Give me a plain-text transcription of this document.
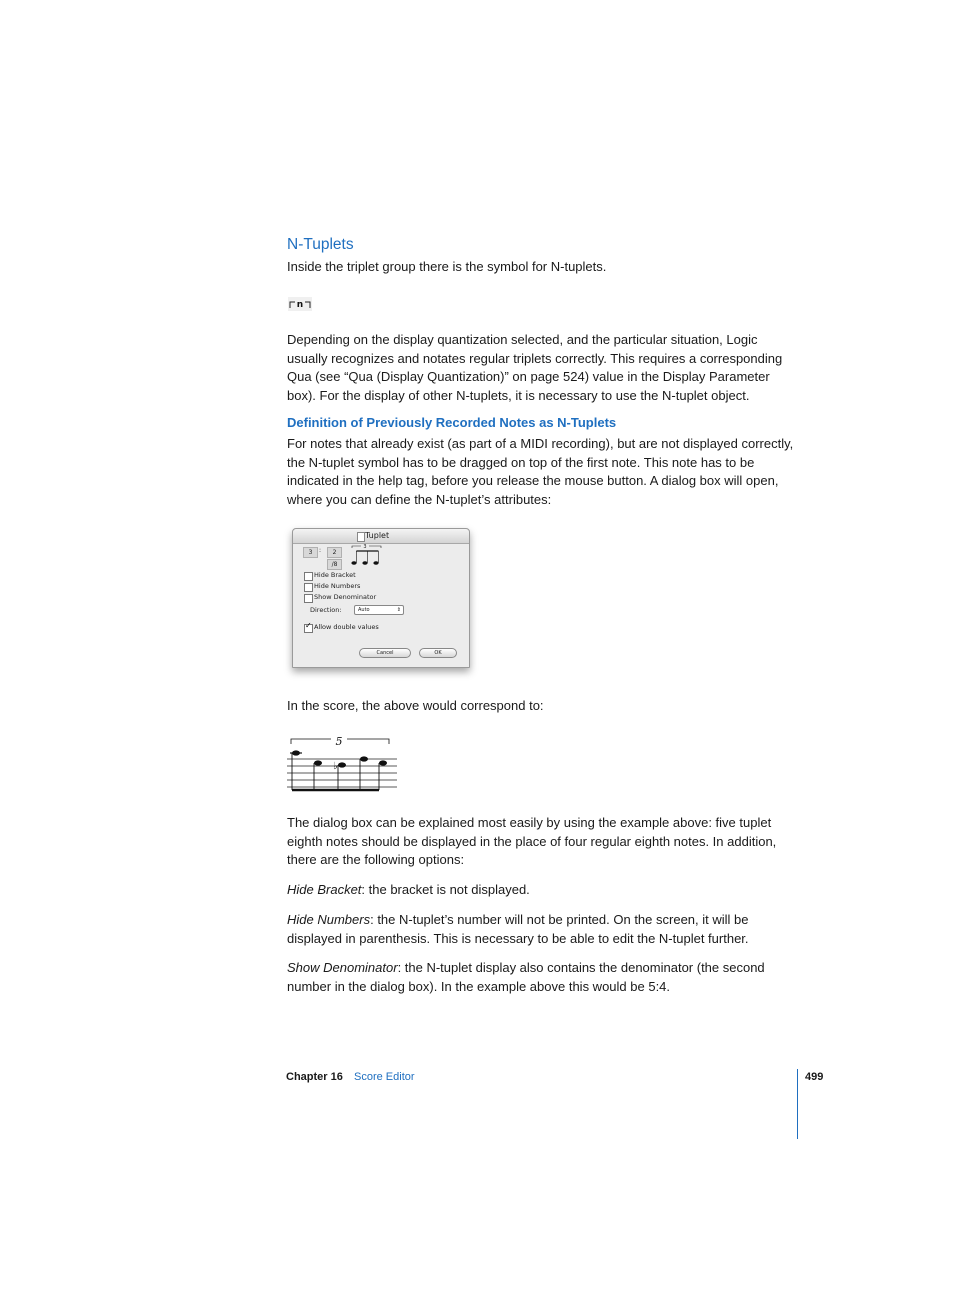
N-Tuplets

Inside the triplet group there is the symbol for N-tuplets.

n

Depending on the display quantization selected, and the particular situation, Logic usually recognizes and notates regular triplets correctly. This requires a corresponding Qua (see “Qua (Display Quantization)” on page 524) value in the Display Parameter box). For the display of other N-tuplets, it is necessary to use the N-tuplet object.

Definition of Previously Recorded Notes as N-Tuplets

For notes that already exist (as part of a MIDI recording), but are not displayed correctly, the N-tuplet symbol has to be dragged on top of the first note. This note has to be indicated in the help tag, before you release the mouse button. A dialog box will open, where you can define the N-tuplet’s attributes:

Tuplet
3	:	2
/8
3
Hide Bracket
Hide Numbers
Show Denominator
Direction:	Auto	⇕
✓
Allow double values
Cancel	OK

In the score, the above would correspond to:

5
♭

The dialog box can be explained most easily by using the example above: five tuplet eighth notes should be displayed in the place of four regular eighth notes. In addition, there are the following options:

Hide Bracket: the bracket is not displayed.

Hide Numbers: the N-tuplet’s number will not be printed. On the screen, it will be displayed in parenthesis. This is necessary to be able to edit the N-tuplet further.

Show Denominator: the N-tuplet display also contains the denominator (the second number in the dialog box). In the example above this would be 5:4.

Chapter 16 Score Editor	499
